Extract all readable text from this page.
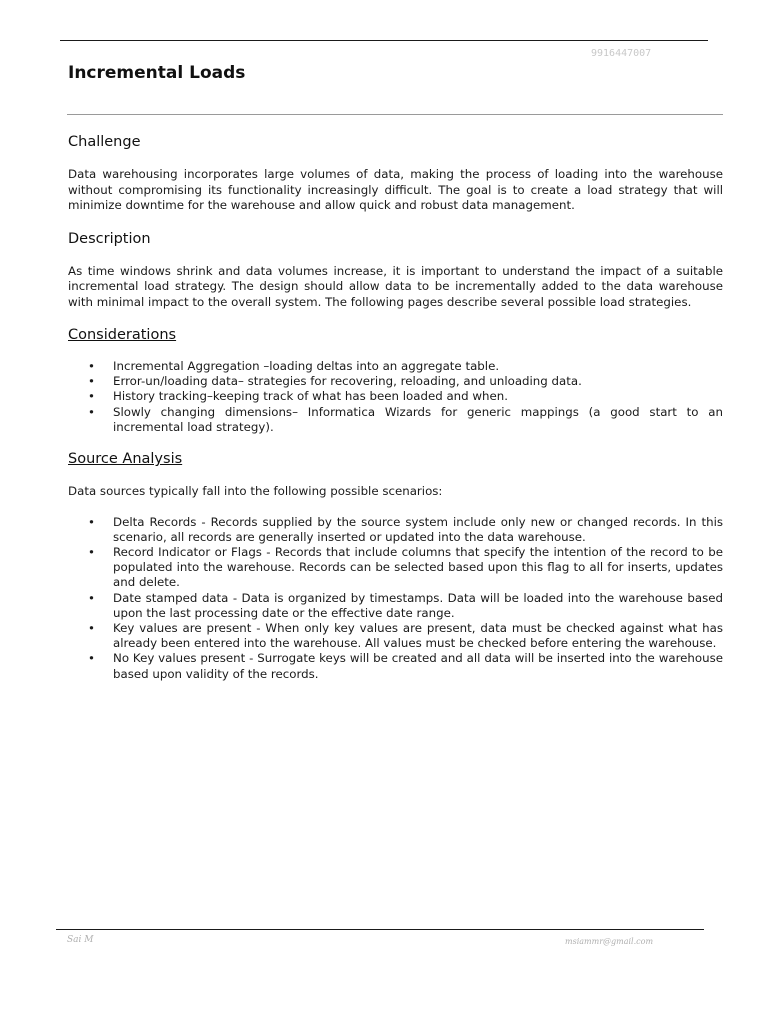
9916447007
Incremental Loads
Challenge

Data warehousing incorporates large volumes of data, making the process of loading into the warehouse without compromising its functionality increasingly difficult. The goal is to create a load strategy that will minimize downtime for the warehouse and allow quick and robust data management.

Description

As time windows shrink and data volumes increase, it is important to understand the impact of a suitable incremental load strategy. The design should allow data to be incrementally added to the data warehouse with minimal impact to the overall system. The following pages describe several possible load strategies.

Considerations
• Incremental Aggregation –loading deltas into an aggregate table.
• Error-un/loading data– strategies for recovering, reloading, and unloading data.
• History tracking–keeping track of what has been loaded and when.
• Slowly changing dimensions– Informatica Wizards for generic mappings (a good start to an incremental load strategy).
Source Analysis

Data sources typically fall into the following possible scenarios:

• Delta Records - Records supplied by the source system include only new or changed records. In this scenario, all records are generally inserted or updated into the data warehouse.
• Record Indicator or Flags - Records that include columns that specify the intention of the record to be populated into the warehouse. Records can be selected based upon this flag to all for inserts, updates and delete.
• Date stamped data - Data is organized by timestamps. Data will be loaded into the warehouse based upon the last processing date or the effective date range.
• Key values are present - When only key values are present, data must be checked against what has already been entered into the warehouse. All values must be checked before entering the warehouse.
• No Key values present - Surrogate keys will be created and all data will be inserted into the warehouse based upon validity of the records.
Sai M	msiammr@gmail.com
